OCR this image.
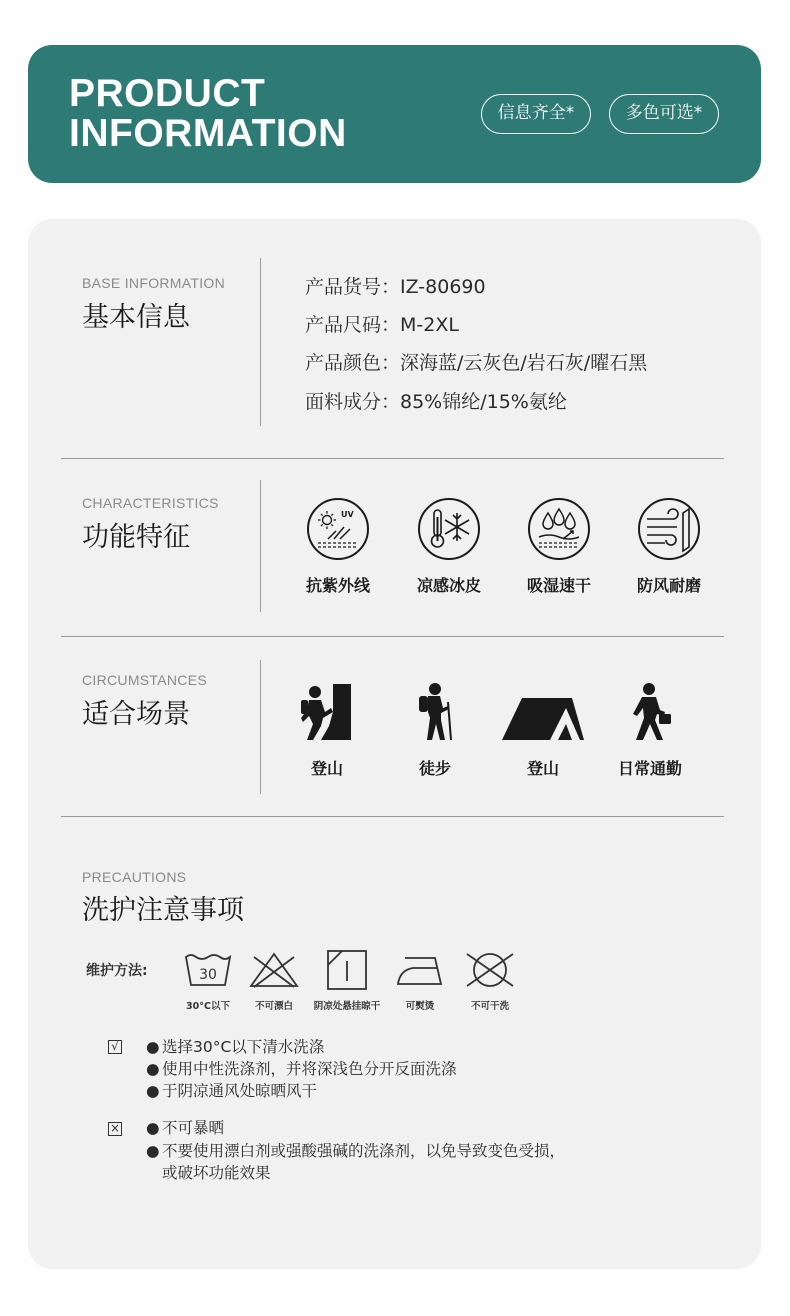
PRODUCT
INFORMATION	信息齐全*	多色可选*
BASE INFORMATION
基本信息
产品货号：IZ-80690
产品尺码：M-2XL
产品颜色：深海蓝/云灰色/岩石灰/曜石黑
面料成分：85%锦纶/15%氨纶
CHARACTERISTICS
功能特征
UV
抗紫外线	凉感冰皮	吸湿速干	防风耐磨
CIRCUMSTANCES
适合场景
登山	徒步	登山	日常通勤
PRECAUTIONS
洗护注意事项
维护方法:	30
30°C以下	不可漂白	阴凉处悬挂晾干	可熨烫	不可干洗
√ ● 选择30°C以下清水洗涤
● 使用中性洗涤剂，并将深浅色分开反面洗涤
● 于阴凉通风处晾晒风干
× ● 不可暴晒
● 不要使用漂白剂或强酸强碱的洗涤剂，以免导致变色受损，
或破坏功能效果
